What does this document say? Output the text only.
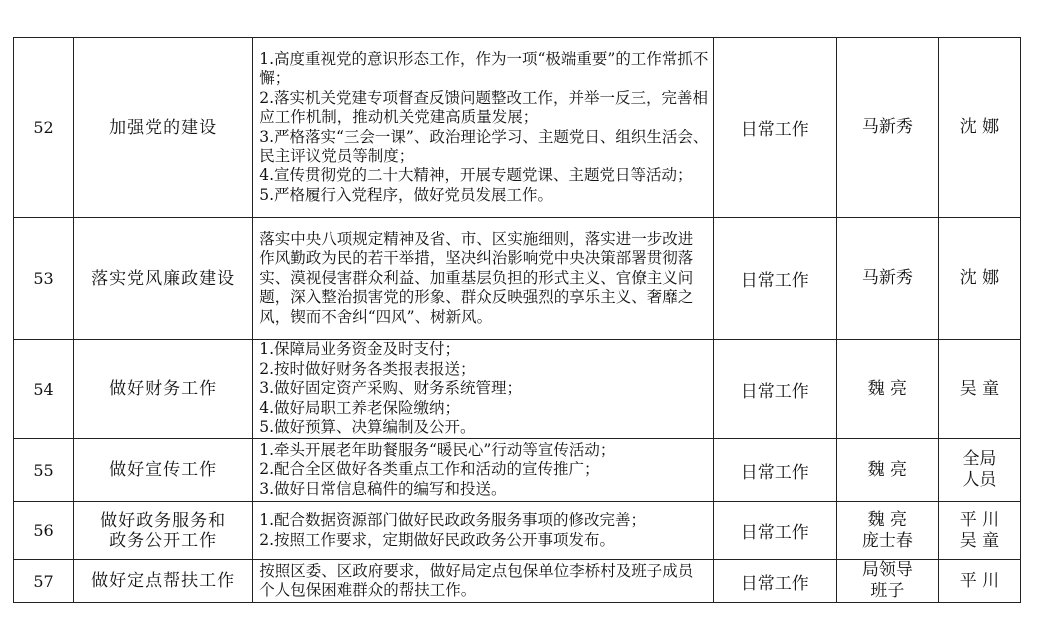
52	加强党的建设	1.高度重视党的意识形态工作，作为一项“极端重要”的工作常抓不懈；
2.落实机关党建专项督查反馈问题整改工作，并举一反三，完善相应工作机制，推动机关党建高质量发展；
3.严格落实“三会一课”、政治理论学习、主题党日、组织生活会、民主评议党员等制度；
4.宣传贯彻党的二十大精神，开展专题党课、主题党日等活动；
5.严格履行入党程序，做好党员发展工作。	日常工作	马新秀	沈 娜
53	落实党风廉政建设	落实中央八项规定精神及省、市、区实施细则，落实进一步改进作风勤政为民的若干举措，坚决纠治影响党中央决策部署贯彻落实、漠视侵害群众利益、加重基层负担的形式主义、官僚主义问题，深入整治损害党的形象、群众反映强烈的享乐主义、奢靡之风，锲而不舍纠“四风”、树新风。	日常工作	马新秀	沈 娜
54	做好财务工作	1.保障局业务资金及时支付；
2.按时做好财务各类报表报送；
3.做好固定资产采购、财务系统管理；
4.做好局职工养老保险缴纳；
5.做好预算、决算编制及公开。	日常工作	魏 亮	吴 童
55	做好宣传工作	1.牵头开展老年助餐服务“暖民心”行动等宣传活动；
2.配合全区做好各类重点工作和活动的宣传推广；
3.做好日常信息稿件的编写和投送。	日常工作	魏 亮	全局
人员
56	做好政务服务和
政务公开工作	1.配合数据资源部门做好民政政务服务事项的修改完善；
2.按照工作要求，定期做好民政政务公开事项发布。	日常工作	魏 亮
庞士春	平 川
吴 童
57	做好定点帮扶工作	按照区委、区政府要求，做好局定点包保单位李桥村及班子成员个人包保困难群众的帮扶工作。	日常工作	局领导
班子	平 川
